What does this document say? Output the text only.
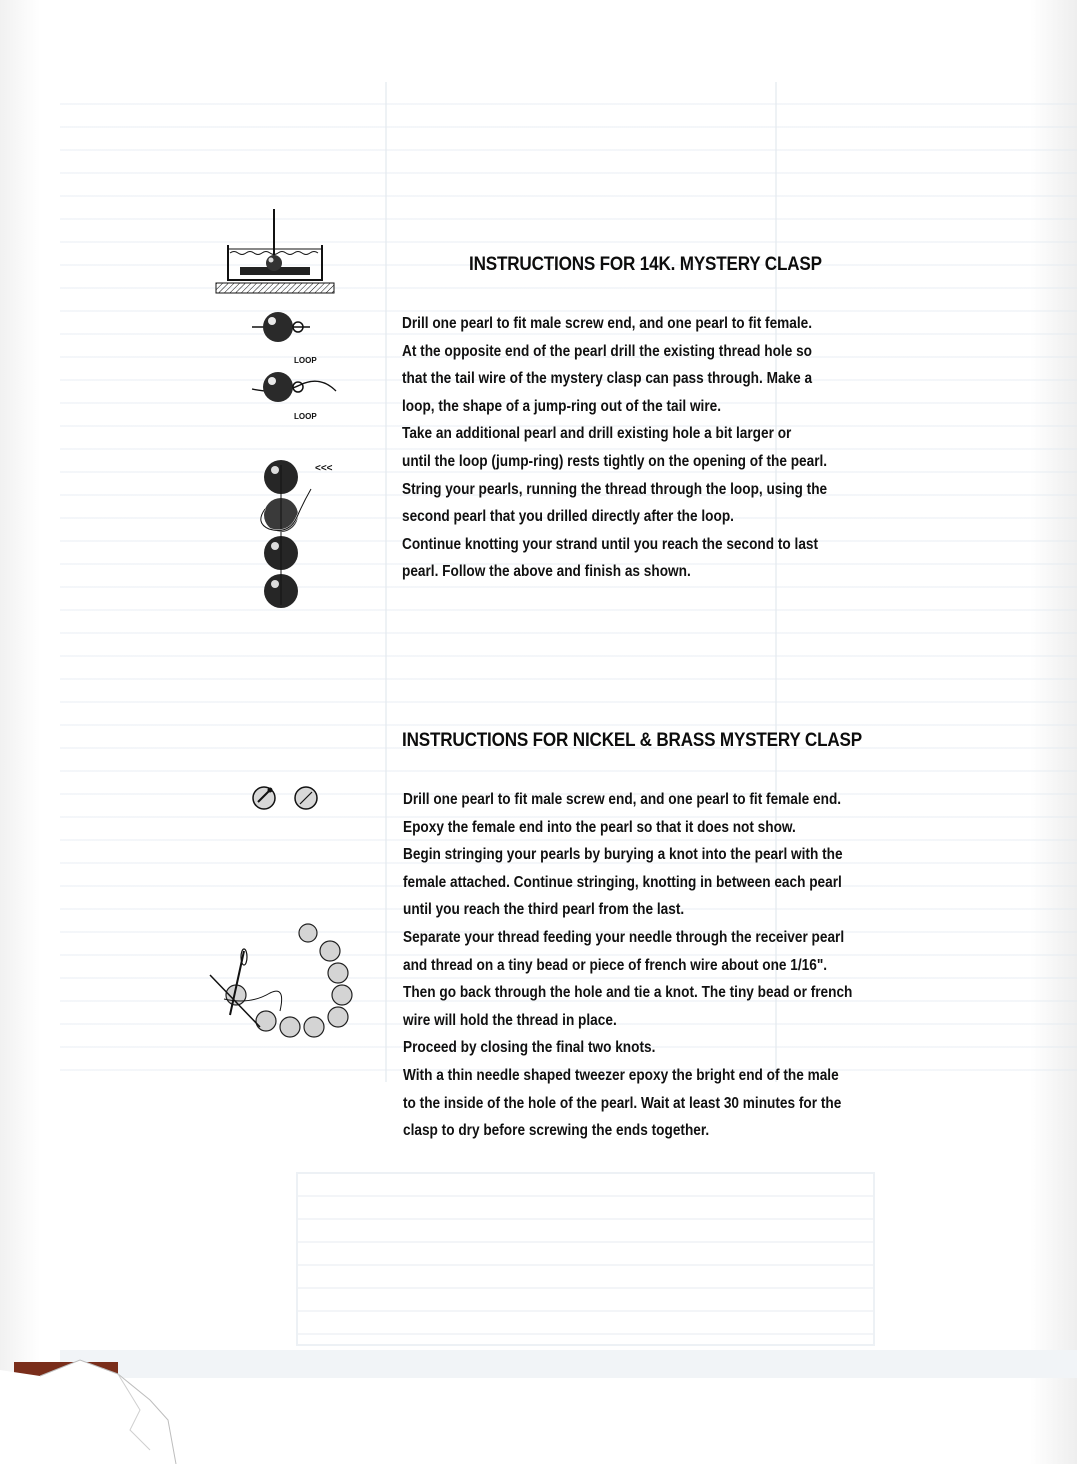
LOOP
LOOP
<<<
INSTRUCTIONS FOR 14K. MYSTERY CLASP
Drill one pearl to fit male screw end, and one pearl to fit female.
At the opposite end of the pearl drill the existing thread hole so
that the tail wire of the mystery clasp can pass through. Make a
loop, the shape of a jump-ring out of the tail wire.
Take an additional pearl and drill existing hole a bit larger or
until the loop (jump-ring) rests tightly on the opening of the pearl.
String your pearls, running the thread through the loop, using the
second pearl that you drilled directly after the loop.
Continue knotting your strand until you reach the second to last
pearl. Follow the above and finish as shown.
INSTRUCTIONS FOR NICKEL & BRASS MYSTERY CLASP
Drill one pearl to fit male screw end, and one pearl to fit female end.
Epoxy the female end into the pearl so that it does not show.
Begin stringing your pearls by burying a knot into the pearl with the
female attached. Continue stringing, knotting in between each pearl
until you reach the third pearl from the last.
Separate your thread feeding your needle through the receiver pearl
and thread on a tiny bead or piece of french wire about one 1/16".
Then go back through the hole and tie a knot. The tiny bead or french
wire will hold the thread in place.
Proceed by closing the final two knots.
With a thin needle shaped tweezer epoxy the bright end of the male
to the inside of the hole of the pearl. Wait at least 30 minutes for the
clasp to dry before screwing the ends together.
